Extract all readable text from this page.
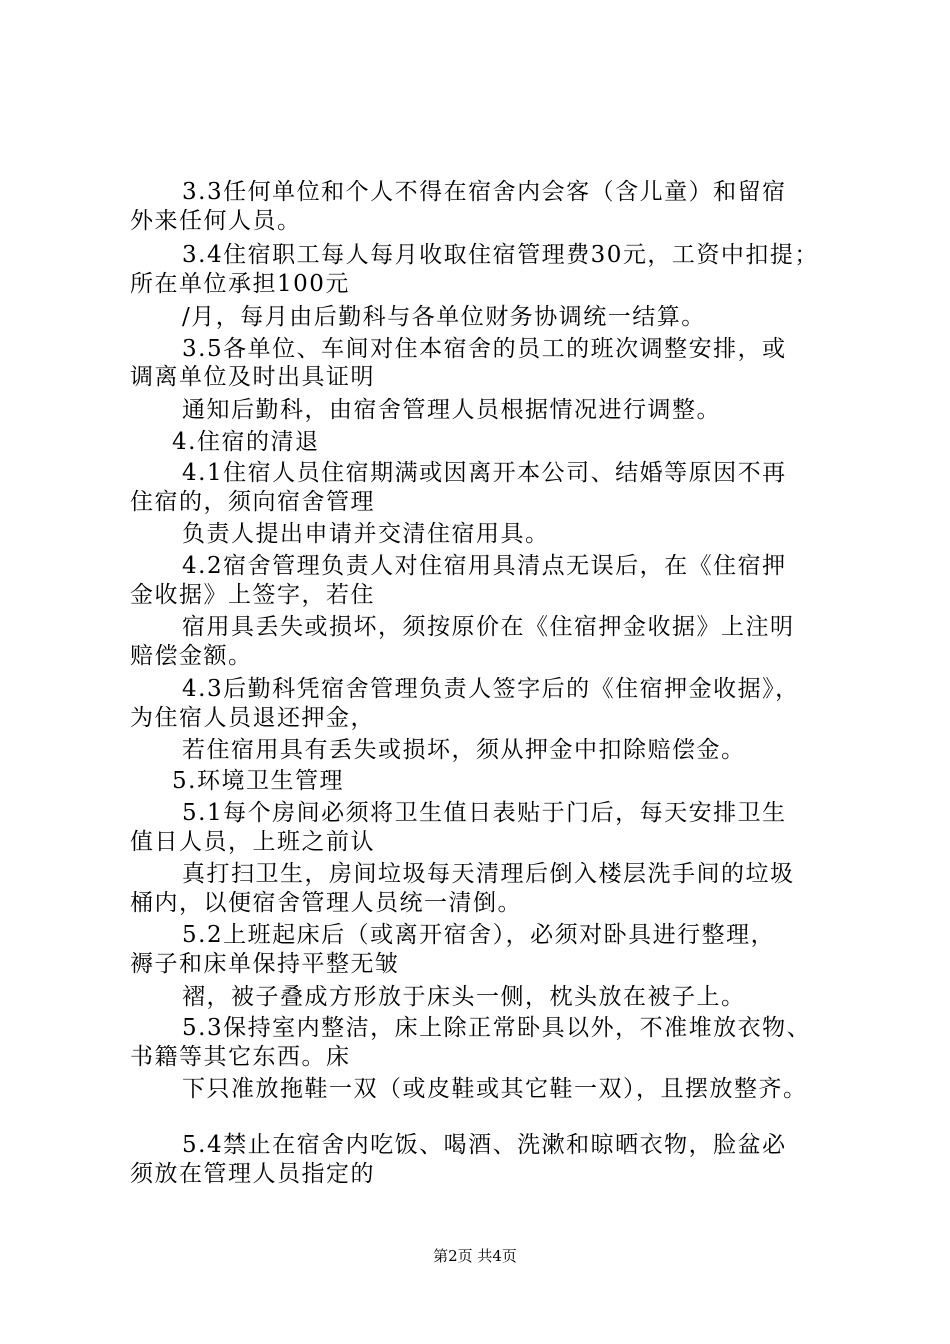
3.3任何单位和个人不得在宿舍内会客（含儿童）和留宿
外来任何人员。
3.4住宿职工每人每月收取住宿管理费30元，工资中扣提；
所在单位承担100元
/月，每月由后勤科与各单位财务协调统一结算。
3.5各单位、车间对住本宿舍的员工的班次调整安排，或
调离单位及时出具证明
通知后勤科，由宿舍管理人员根据情况进行调整。
4.住宿的清退
4.1住宿人员住宿期满或因离开本公司、结婚等原因不再
住宿的，须向宿舍管理
负责人提出申请并交清住宿用具。
4.2宿舍管理负责人对住宿用具清点无误后，在《住宿押
金收据》上签字，若住
宿用具丢失或损坏，须按原价在《住宿押金收据》上注明
赔偿金额。
4.3后勤科凭宿舍管理负责人签字后的《住宿押金收据》，
为住宿人员退还押金，
若住宿用具有丢失或损坏，须从押金中扣除赔偿金。
5.环境卫生管理
5.1每个房间必须将卫生值日表贴于门后，每天安排卫生
值日人员，上班之前认
真打扫卫生，房间垃圾每天清理后倒入楼层洗手间的垃圾
桶内，以便宿舍管理人员统一清倒。
5.2上班起床后（或离开宿舍），必须对卧具进行整理，
褥子和床单保持平整无皱
褶，被子叠成方形放于床头一侧，枕头放在被子上。
5.3保持室内整洁，床上除正常卧具以外，不准堆放衣物、
书籍等其它东西。床
下只准放拖鞋一双（或皮鞋或其它鞋一双），且摆放整齐。
5.4禁止在宿舍内吃饭、喝酒、洗漱和晾晒衣物，脸盆必
须放在管理人员指定的
第2页 共4页
